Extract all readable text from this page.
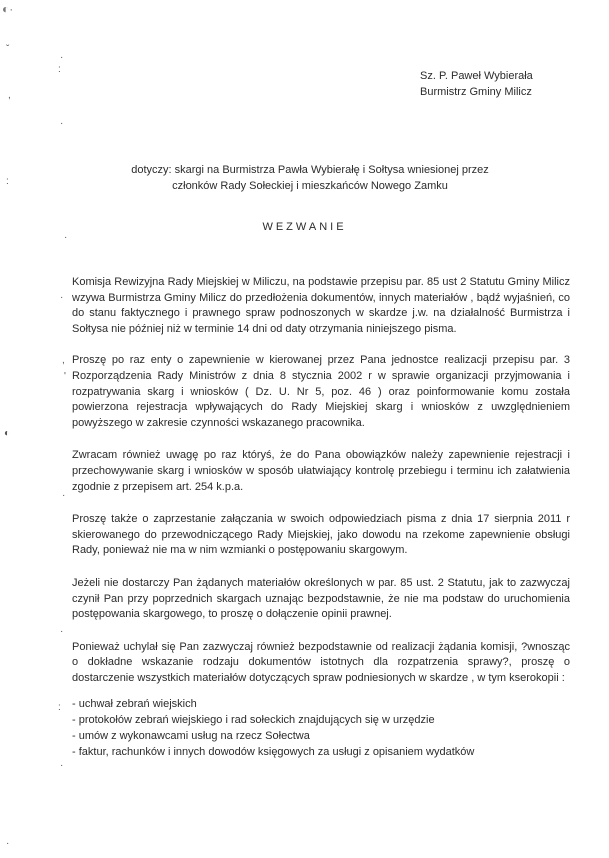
◐·
Sz. P. Paweł Wybierała
Burmistrz Gminy Milicz
dotyczy: skargi na Burmistrza Pawła Wybierałę i Sołtysa wniesionej przez
członków Rady Sołeckiej i mieszkańców Nowego Zamku
WEZWANIE

Komisja Rewizyjna Rady Miejskiej w Miliczu, na podstawie przepisu par. 85 ust 2 Statutu Gminy Milicz wzywa Burmistrza Gminy Milicz do przedłożenia dokumentów, innych materiałów , bądź wyjaśnień, co do stanu faktycznego i prawnego spraw podnoszonych w skardze j.w. na działalność Burmistrza i Sołtysa nie później niż w terminie 14 dni od daty otrzymania niniejszego pisma.

Proszę po raz enty o zapewnienie w kierowanej przez Pana jednostce realizacji przepisu par. 3 Rozporządzenia Rady Ministrów z dnia 8 stycznia 2002 r w sprawie organizacji przyjmowania i rozpatrywania skarg i wniosków ( Dz. U. Nr 5, poz. 46 ) oraz poinformowanie komu została powierzona rejestracja wpływających do Rady Miejskiej skarg i wniosków z uwzględnieniem powyższego w zakresie czynności wskazanego pracownika.

Zwracam również uwagę po raz któryś, że do Pana obowiązków należy zapewnienie rejestracji i przechowywanie skarg i wniosków w sposób ułatwiający kontrolę przebiegu i terminu ich załatwienia zgodnie z przepisem art. 254 k.p.a.

Proszę także o zaprzestanie załączania w swoich odpowiedziach pisma z dnia 17 sierpnia 2011 r skierowanego do przewodniczącego Rady Miejskiej, jako dowodu na rzekome zapewnienie obsługi Rady, ponieważ nie ma w nim wzmianki o postępowaniu skargowym.

Jeżeli nie dostarczy Pan żądanych materiałów określonych w par. 85 ust. 2 Statutu, jak to zazwyczaj czynił Pan przy poprzednich skargach uznając bezpodstawnie, że nie ma podstaw do uruchomienia postępowania skargowego, to proszę o dołączenie opinii prawnej.

Ponieważ uchylał się Pan zazwyczaj również bezpodstawnie od realizacji żądania komisji, ?wnosząc o dokładne wskazanie rodzaju dokumentów istotnych dla rozpatrzenia sprawy?, proszę o dostarczenie wszystkich materiałów dotyczących spraw podniesionych w skardze , w tym kserokopii :

- uchwał zebrań wiejskich
- protokołów zebrań wiejskiego i rad sołeckich znajdujących się w urzędzie
- umów z wykonawcami usług na rzecz Sołectwa
- faktur, rachunków i innych dowodów księgowych za usługi z opisaniem wydatków
ˇ
·
:
,
·
:
·
·
,
'
◐
·
·
:
·
·
